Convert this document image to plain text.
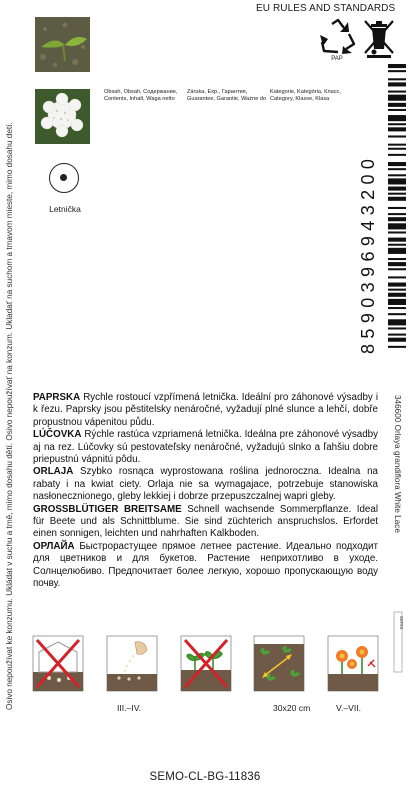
EU RULES AND STANDARDS
PAP
Osivo nepoužívat ke konzumu. Ukládat v suchu a tmě, mimo dosahu dětí. Osivo nepoužívať na konzum. Ukladať na suchom a tmavom mieste, mimo dosahu detí.
Obsah, Obsah, Содержание, Contents, Inhalt, Waga netto
Záruka, Exp., Гарантия, Guarantee, Garantie, Ważne do
Kategorie, Kategória, Класс, Category, Klasse, Klasa
Letnička	8590396943200

PAPRSKA Rychle rostoucí vzpřímená letnička. Ideální pro záhonové výsadby i k řezu. Paprsky jsou pěstitelsky nenáročné, vyžadují plné slunce a lehčí, dobře propustnou vápenitou půdu.

LÚČOVKA Rýchle rastúca vzpriamená letnička. Ideálna pre záhonové výsadby aj na rez. Lúčovky sú pestovateľsky nenáročné, vyžadujú slnko a ľahšiu dobre priepustnú vápnitú pôdu.

ORLAJA Szybko rosnąca wyprostowana roślina jednoroczna. Idealna na rabaty i na kwiat ciety. Orlaja nie sa wymagajace, potrzebuje stanowiska nasłonecznionego, gleby lekkiej i dobrze przepuszczalnej wapri gleby.

GROSSBLÜTIGER BREITSAME Schnell wachsende Sommerpflanze. Ideal für Beete und als Schnittblume. Sie sind züchterich anspruchslos. Erfordet einen sonnigen, leichten und nahrhaften Kalkboden.

ОРЛАЙА Быстрорастущее прямое летнее растение. Идеально подходит для цветников и для букетов. Растение неприхотливо в уходе. Солнцелюбиво. Предпочитает более легкую, хорошо пропускающую воду почву.

346600 Orlaya grandiflora White Lace
III.–IV.	30x20 cm	V.–VII.
semo
SEMO-CL-BG-11836
